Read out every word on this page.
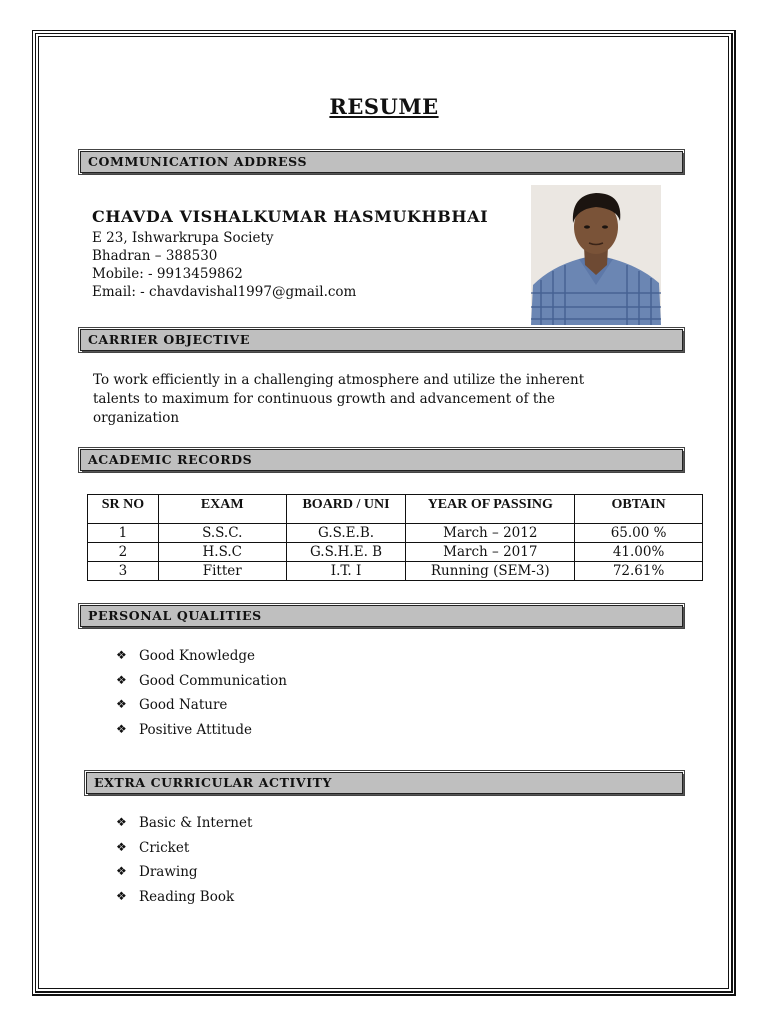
RESUME
COMMUNICATION ADDRESS
CHAVDA VISHALKUMAR HASMUKHBHAI
E 23, Ishwarkrupa Society
Bhadran – 388530
Mobile: - 9913459862
Email: - chavdavishal1997@gmail.com
CARRIER OBJECTIVE
To work efficiently in a challenging atmosphere and utilize the inherent talents to maximum for continuous growth and advancement of the organization
ACADEMIC RECORDS
SR NO	EXAM	BOARD / UNI	YEAR OF PASSING	OBTAIN
1	S.S.C.	G.S.E.B.	March – 2012	65.00 %
2	H.S.C	G.S.H.E. B	March – 2017	41.00%
3	Fitter	I.T. I	Running (SEM-3)	72.61%
PERSONAL QUALITIES
❖ Good Knowledge
❖ Good Communication
❖ Good Nature
❖ Positive Attitude
EXTRA CURRICULAR ACTIVITY
❖ Basic & Internet
❖ Cricket
❖ Drawing
❖ Reading Book
